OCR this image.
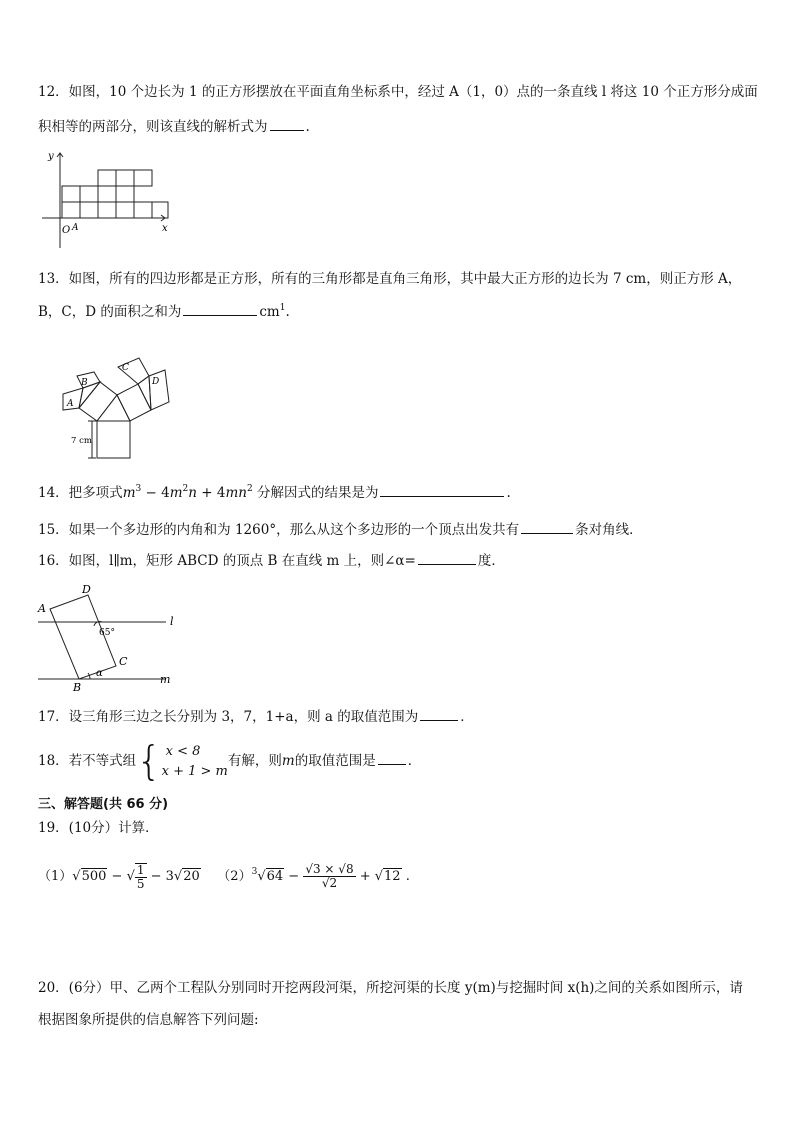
12．如图，10 个边长为 1 的正方形摆放在平面直角坐标系中，经过 A（1，0）点的一条直线 l 将这 10 个正方形分成面
积相等的两部分，则该直线的解析式为	.
y
x
O A
13．如图，所有的四边形都是正方形，所有的三角形都是直角三角形，其中最大正方形的边长为 7 cm，则正方形 A，
B，C，D 的面积之和为	$cm^1$.
A
B
C
D
7 cm
14．把多项式$m^3 - 4m^2n + 4mn^2$ 分解因式的结果是为	.
15．如果一个多边形的内角和为 1260°，那么从这个多边形的一个顶点出发共有	条对角线．
16．如图，l∥m，矩形 ABCD 的顶点 B 在直线 m 上，则∠α=	度．
A
D
C
B
l
m
65°
α
17．设三角形三边之长分别为 3，7，1+a，则 a 的取值范围为	．
18．若不等式组{ x < 8
x + 1 > m
有解，则m的取值范围是 ．
三、解答题(共 66 分)
19．(10分）计算．
（1）√500 − √ $\frac{1}{5} - 3√20$ $(2)^3√64 - \frac{√3 \times √8}{√2} + √12$ .
20．(6分）甲、乙两个工程队分别同时开挖两段河渠，所挖河渠的长度 y(m)与挖掘时间 x(h)之间的关系如图所示，请
根据图象所提供的信息解答下列问题:
